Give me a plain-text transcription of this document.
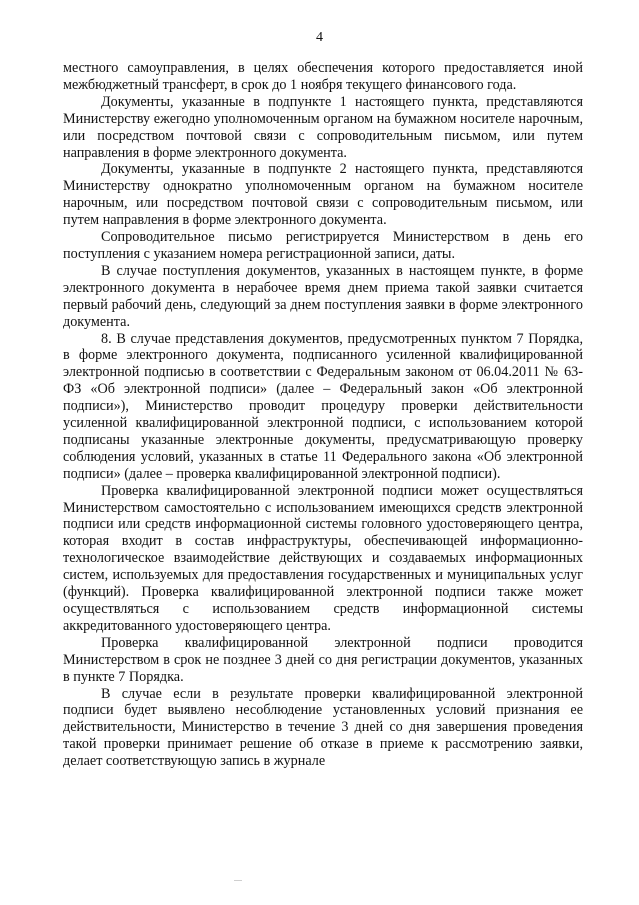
4

местного самоуправления, в целях обеспечения которого предоставляется иной межбюджетный трансферт, в срок до 1 ноября текущего финансового года.

Документы, указанные в подпункте 1 настоящего пункта, представляются Министерству ежегодно уполномоченным органом на бумажном носителе нарочным, или посредством почтовой связи с сопроводительным письмом, или путем направления в форме электронного документа.

Документы, указанные в подпункте 2 настоящего пункта, представляются Министерству однократно уполномоченным органом на бумажном носителе нарочным, или посредством почтовой связи с сопроводительным письмом, или путем направления в форме электронного документа.

Сопроводительное письмо регистрируется Министерством в день его поступления с указанием номера регистрационной записи, даты.

В случае поступления документов, указанных в настоящем пункте, в форме электронного документа в нерабочее время днем приема такой заявки считается первый рабочий день, следующий за днем поступления заявки в форме электронного документа.

8. В случае представления документов, предусмотренных пунктом 7 Порядка, в форме электронного документа, подписанного усиленной квалифицированной электронной подписью в соответствии с Федеральным законом от 06.04.2011 № 63-ФЗ «Об электронной подписи» (далее – Федеральный закон «Об электронной подписи»), Министерство проводит процедуру проверки действительности усиленной квалифицированной электронной подписи, с использованием которой подписаны указанные электронные документы, предусматривающую проверку соблюдения условий, указанных в статье 11 Федерального закона «Об электронной подписи» (далее – проверка квалифицированной электронной подписи).

Проверка квалифицированной электронной подписи может осуществляться Министерством самостоятельно с использованием имеющихся средств электронной подписи или средств информационной системы головного удостоверяющего центра, которая входит в состав инфраструктуры, обеспечивающей информационно-технологическое взаимодействие действующих и создаваемых информационных систем, используемых для предоставления государственных и муниципальных услуг (функций). Проверка квалифицированной электронной подписи также может осуществляться с использованием средств информационной системы аккредитованного удостоверяющего центра.

Проверка квалифицированной электронной подписи проводится Министерством в срок не позднее 3 дней со дня регистрации документов, указанных в пункте 7 Порядка.

В случае если в результате проверки квалифицированной электронной подписи будет выявлено несоблюдение установленных условий признания ее действительности, Министерство в течение 3 дней со дня завершения проведения такой проверки принимает решение об отказе в приеме к рассмотрению заявки, делает соответствующую запись в журнале
